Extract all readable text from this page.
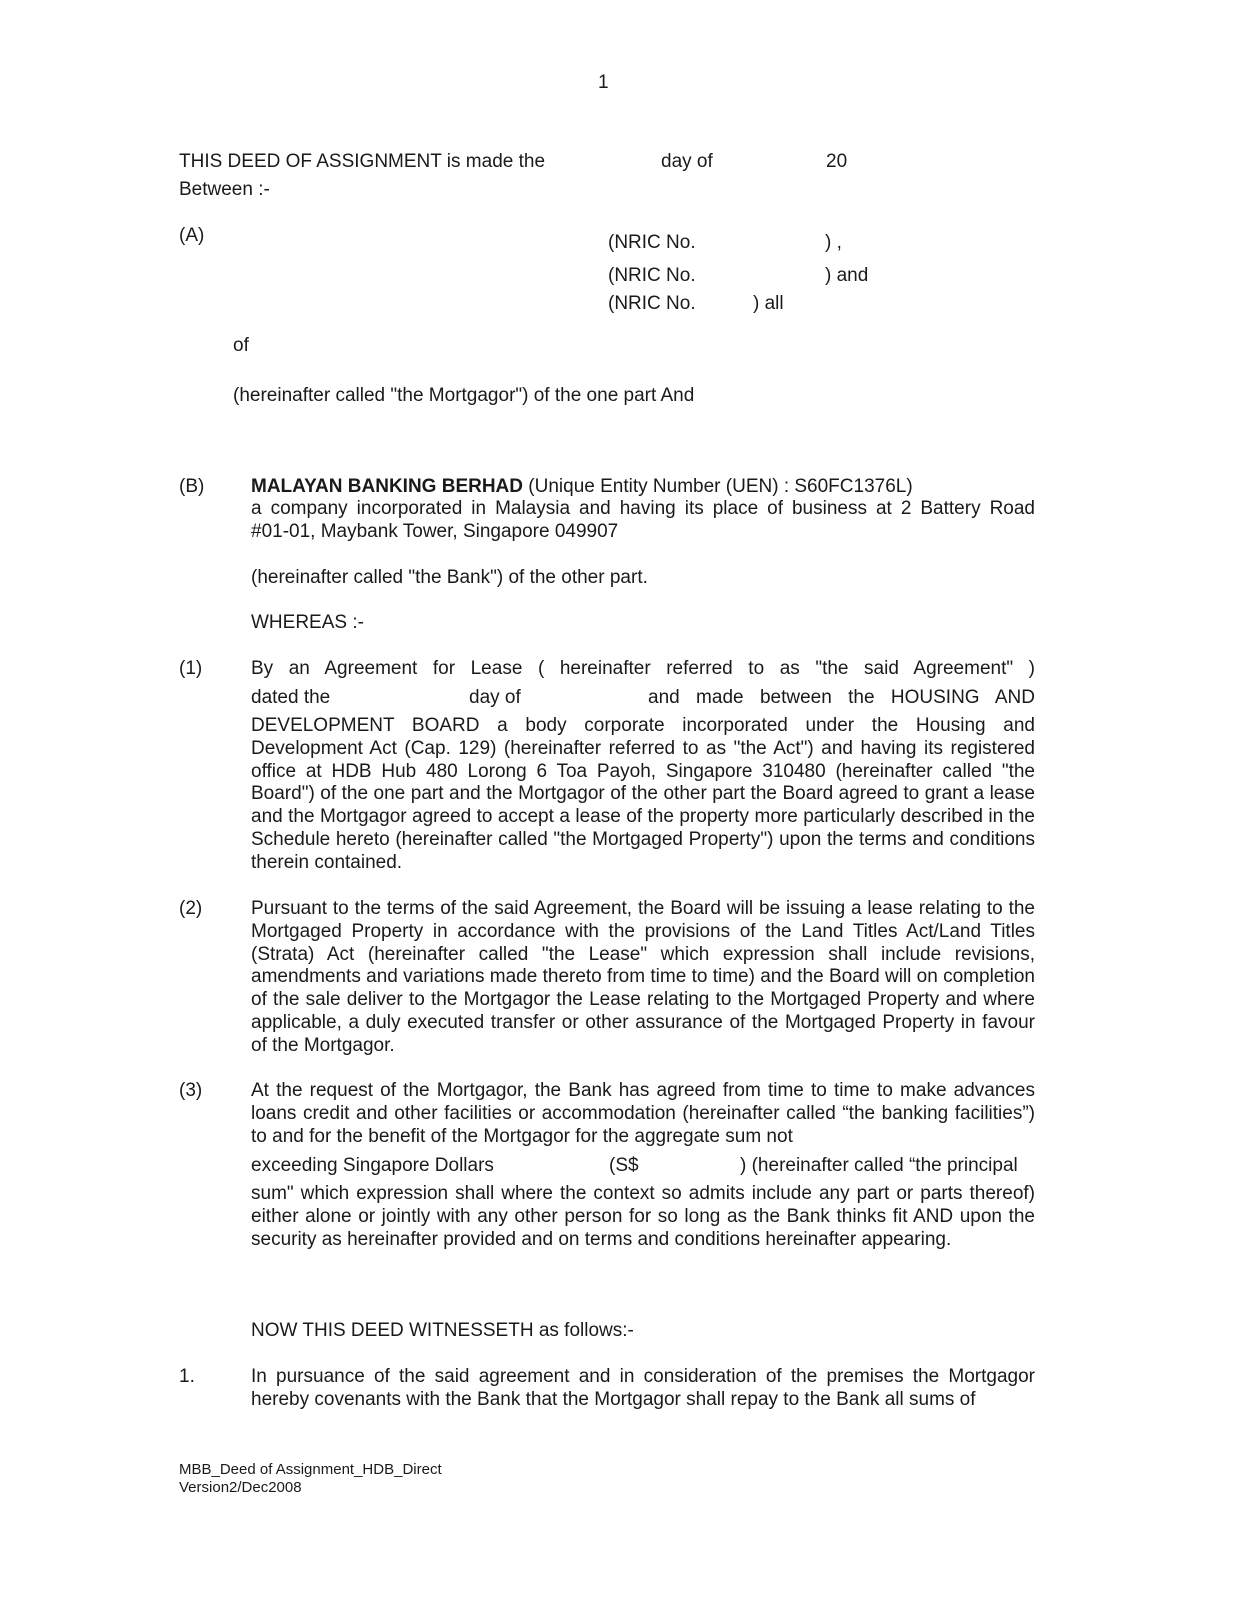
1
THIS DEED OF ASSIGNMENT is made the	day of	20
Between :-
(A)	(NRIC No.	) ,
(NRIC No.	) and
(NRIC No.	) all
of
(hereinafter called "the Mortgagor") of the one part And
(B) MALAYAN BANKING BERHAD (Unique Entity Number (UEN) : S60FC1376L)
a company incorporated in Malaysia and having its place of business at 2 Battery Road
#01-01, Maybank Tower, Singapore 049907
(hereinafter called "the Bank") of the other part.
WHEREAS :-
(1)	By an Agreement for Lease ( hereinafter referred to as "the said Agreement" )
dated the	day of	and made between the HOUSING AND
DEVELOPMENT BOARD a body corporate incorporated under the Housing and Development Act (Cap. 129) (hereinafter referred to as "the Act") and having its registered office at HDB Hub 480 Lorong 6 Toa Payoh, Singapore 310480 (hereinafter called "the Board") of the one part and the Mortgagor of the other part the Board agreed to grant a lease and the Mortgagor agreed to accept a lease of the property more particularly described in the Schedule hereto (hereinafter called "the Mortgaged Property") upon the terms and conditions therein contained.
(2)	Pursuant to the terms of the said Agreement, the Board will be issuing a lease relating to the Mortgaged Property in accordance with the provisions of the Land Titles Act/Land Titles (Strata) Act (hereinafter called "the Lease" which expression shall include revisions, amendments and variations made thereto from time to time) and the Board will on completion of the sale deliver to the Mortgagor the Lease relating to the Mortgaged Property and where applicable, a duly executed transfer or other assurance of the Mortgaged Property in favour of the Mortgagor.
(3)	At the request of the Mortgagor, the Bank has agreed from time to time to make advances loans credit and other facilities or accommodation (hereinafter called “the banking facilities”) to and for the benefit of the Mortgagor for the aggregate sum not
exceeding Singapore Dollars	(S$	) (hereinafter called “the principal
sum" which expression shall where the context so admits include any part or parts thereof) either alone or jointly with any other person for so long as the Bank thinks fit AND upon the security as hereinafter provided and on terms and conditions hereinafter appearing.
NOW THIS DEED WITNESSETH as follows:-
1.	In pursuance of the said agreement and in consideration of the premises the Mortgagor hereby covenants with the Bank that the Mortgagor shall repay to the Bank all sums of
MBB_Deed of Assignment_HDB_Direct
Version2/Dec2008
